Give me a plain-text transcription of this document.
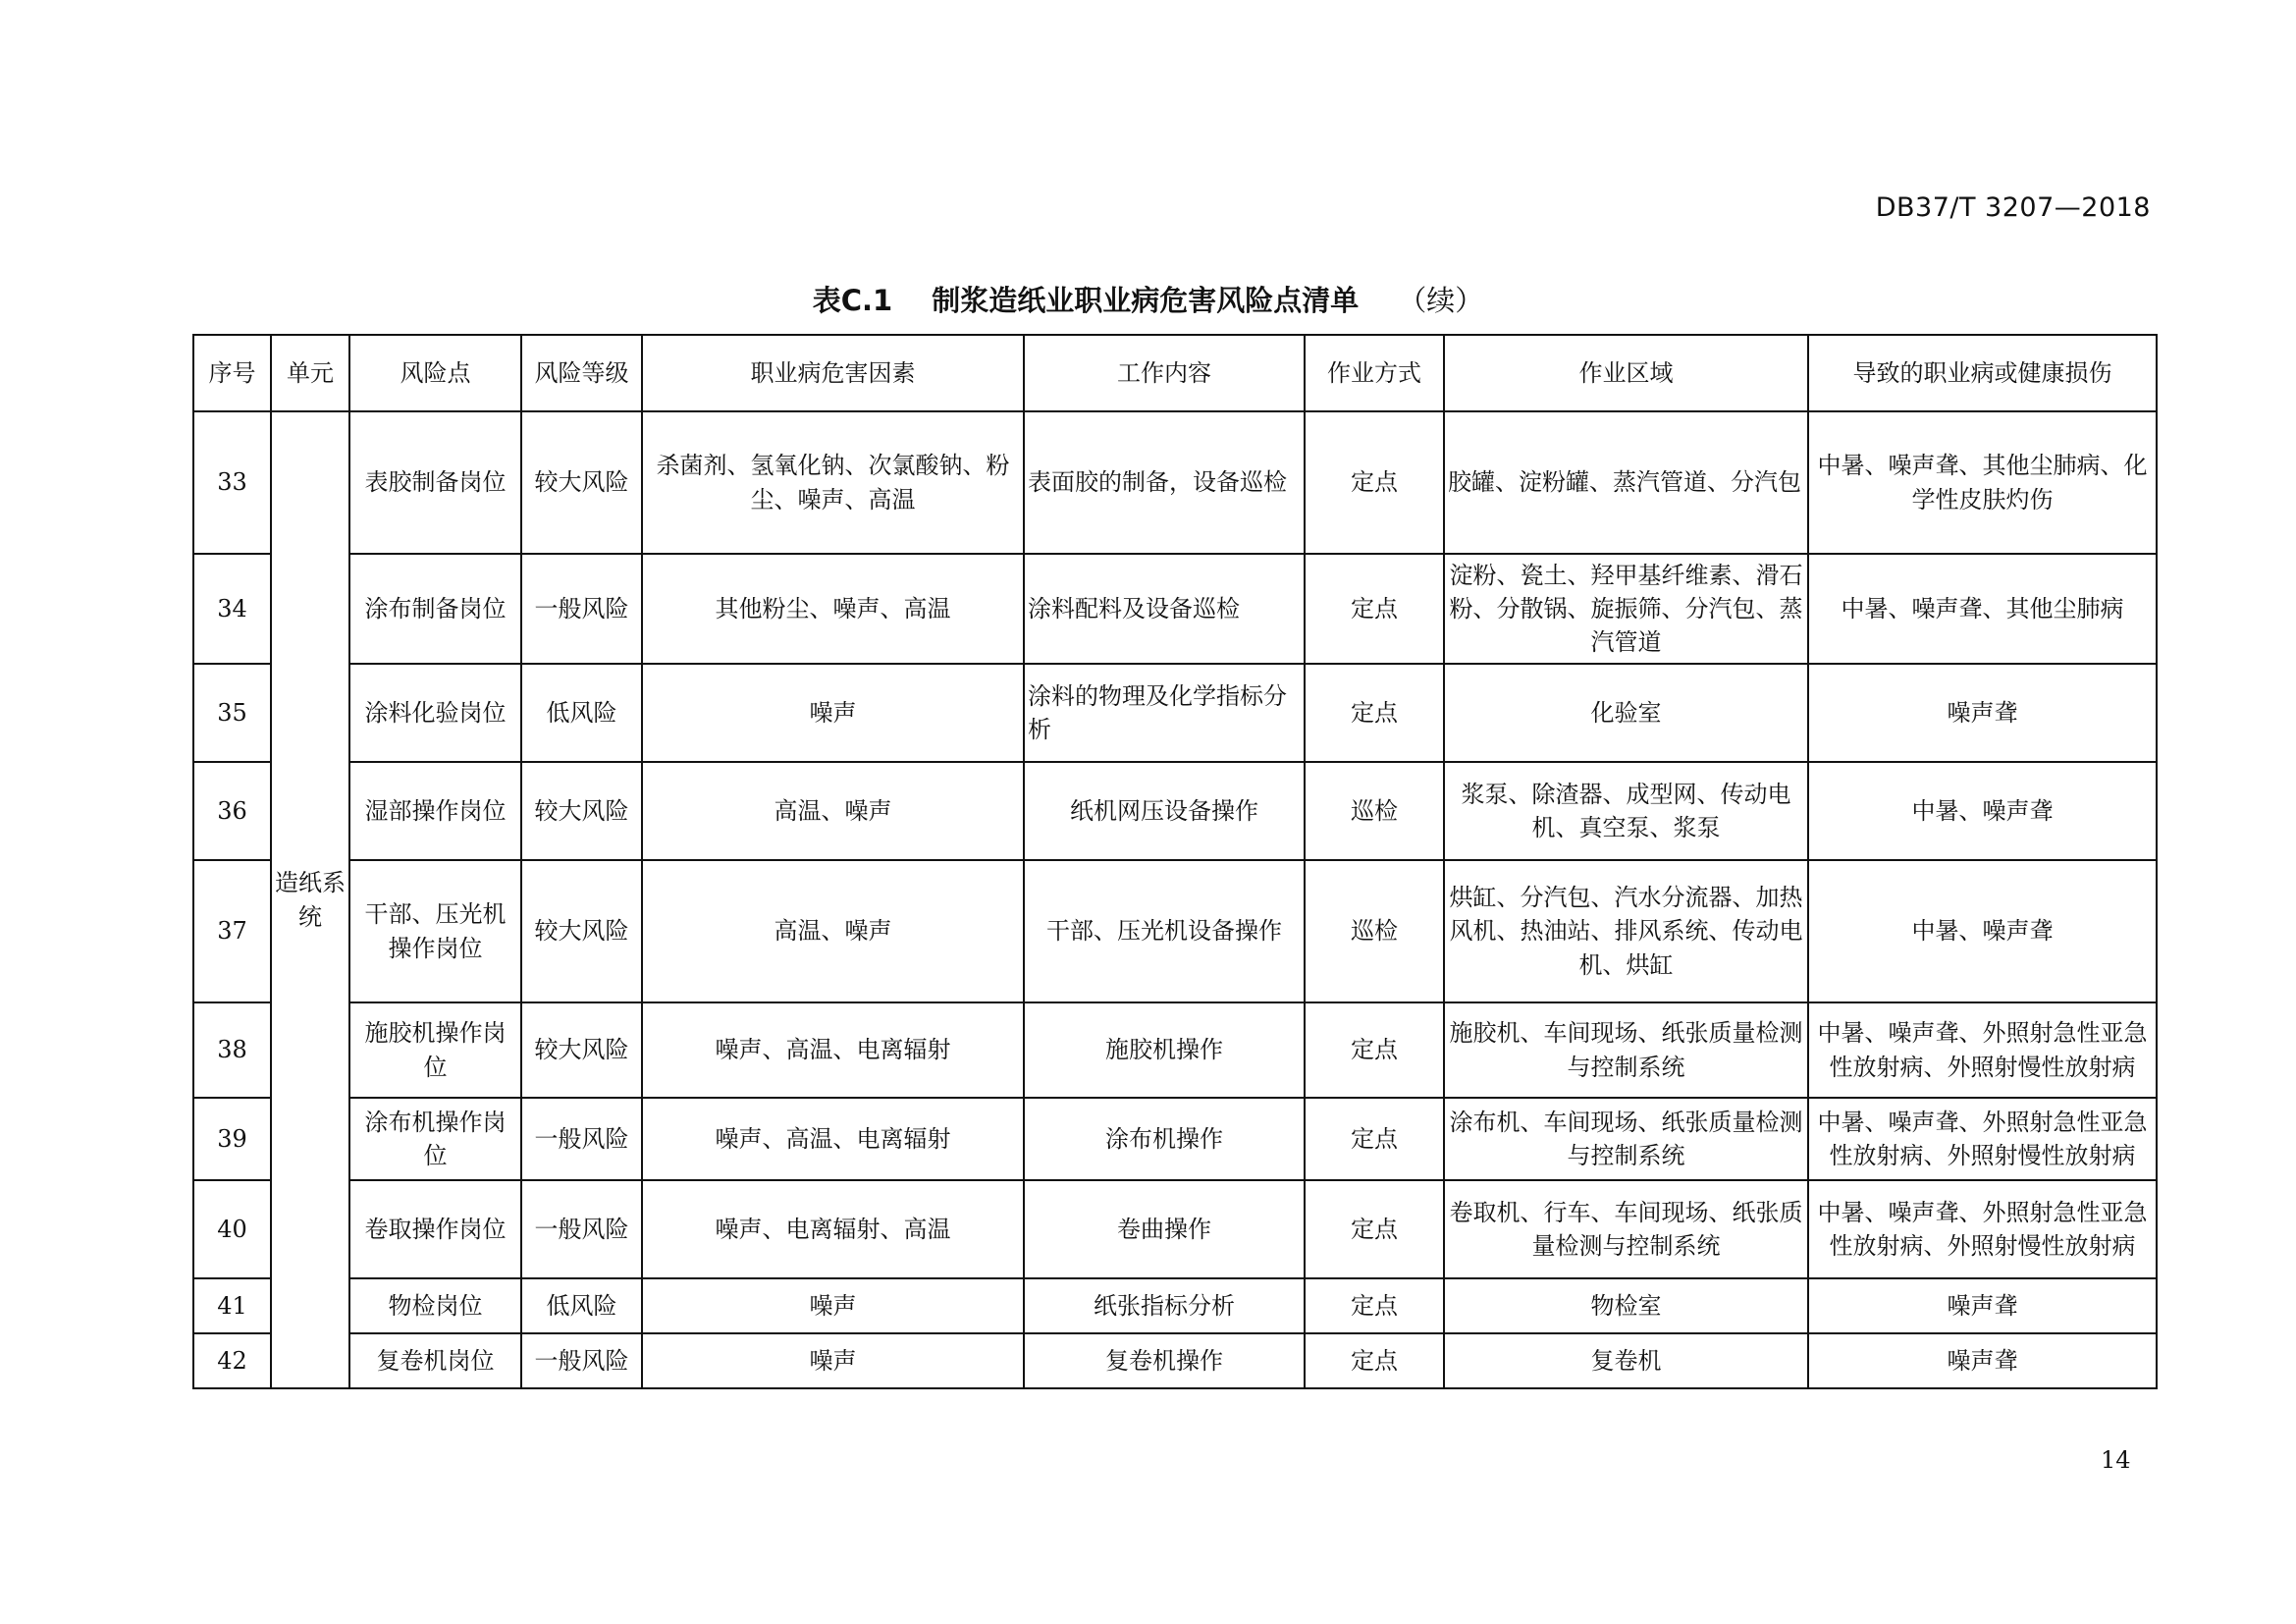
DB37/T 3207—2018
表C.1 制浆造纸业职业病危害风险点清单 （续）
序号	单元	风险点	风险等级	职业病危害因素	工作内容	作业方式	作业区域	导致的职业病或健康损伤
33	造纸系统	表胶制备岗位	较大风险	杀菌剂、氢氧化钠、次氯酸钠、粉尘、噪声、高温	表面胶的制备，设备巡检	定点	胶罐、淀粉罐、蒸汽管道、分汽包	中暑、噪声聋、其他尘肺病、化学性皮肤灼伤
34		涂布制备岗位	一般风险	其他粉尘、噪声、高温	涂料配料及设备巡检	定点	淀粉、瓷土、羟甲基纤维素、滑石粉、分散锅、旋振筛、分汽包、蒸汽管道	中暑、噪声聋、其他尘肺病
35		涂料化验岗位	低风险	噪声	涂料的物理及化学指标分析	定点	化验室	噪声聋
36		湿部操作岗位	较大风险	高温、噪声	纸机网压设备操作	巡检	浆泵、除渣器、成型网、传动电机、真空泵、浆泵	中暑、噪声聋
37		干部、压光机操作岗位	较大风险	高温、噪声	干部、压光机设备操作	巡检	烘缸、分汽包、汽水分流器、加热风机、热油站、排风系统、传动电机、烘缸	中暑、噪声聋
38		施胶机操作岗位	较大风险	噪声、高温、电离辐射	施胶机操作	定点	施胶机、车间现场、纸张质量检测与控制系统	中暑、噪声聋、外照射急性亚急性放射病、外照射慢性放射病
39		涂布机操作岗位	一般风险	噪声、高温、电离辐射	涂布机操作	定点	涂布机、车间现场、纸张质量检测与控制系统	中暑、噪声聋、外照射急性亚急性放射病、外照射慢性放射病
40		卷取操作岗位	一般风险	噪声、电离辐射、高温	卷曲操作	定点	卷取机、行车、车间现场、纸张质量检测与控制系统	中暑、噪声聋、外照射急性亚急性放射病、外照射慢性放射病
41		物检岗位	低风险	噪声	纸张指标分析	定点	物检室	噪声聋
42		复卷机岗位	一般风险	噪声	复卷机操作	定点	复卷机	噪声聋
14
